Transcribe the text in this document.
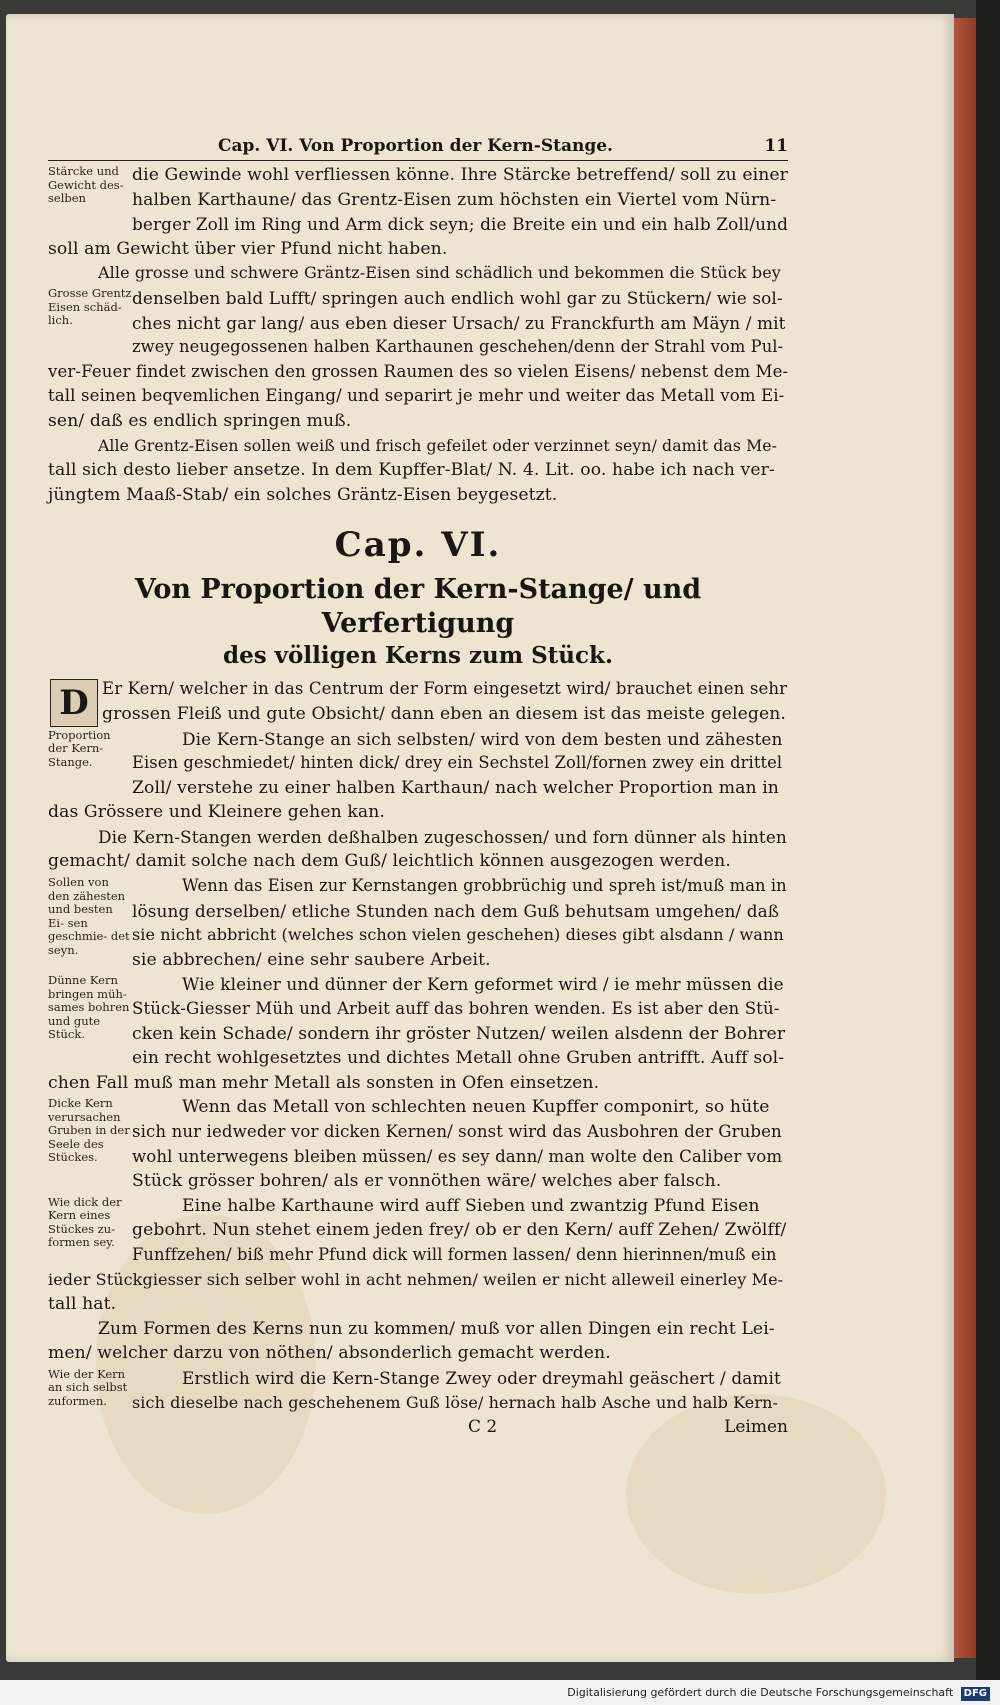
Cap. VI. Von Proportion der Kern-Stange.	11
Stärcke und Gewicht des- selben
Grosse Grentz Eisen schäd- lich.
die Gewinde wohl verfliessen könne. Ihre Stärcke betreffend/ soll zu einer
halben Karthaune/ das Grentz-Eisen zum höchsten ein Viertel vom Nürn-
berger Zoll im Ring und Arm dick seyn; die Breite ein und ein halb Zoll/und
soll am Gewicht über vier Pfund nicht haben.
Alle grosse und schwere Gräntz-Eisen sind schädlich und bekommen die Stück bey
denselben bald Lufft/ springen auch endlich wohl gar zu Stückern/ wie sol-
ches nicht gar lang/ aus eben dieser Ursach/ zu Franckfurth am Mäyn / mit
zwey neugegossenen halben Karthaunen geschehen/denn der Strahl vom Pul-
ver-Feuer findet zwischen den grossen Raumen des so vielen Eisens/ nebenst dem Me-
tall seinen beqvemlichen Eingang/ und separirt je mehr und weiter das Metall vom Ei-
sen/ daß es endlich springen muß.
Alle Grentz-Eisen sollen weiß und frisch gefeilet oder verzinnet seyn/ damit das Me-
tall sich desto lieber ansetze. In dem Kupffer-Blat/ N. 4. Lit. oo. habe ich nach ver-
jüngtem Maaß-Stab/ ein solches Gräntz-Eisen beygesetzt.
Cap. VI.
Von Proportion der Kern-Stange/ und Verfertigung
des völligen Kerns zum Stück.
D Er Kern/ welcher in das Centrum der Form eingesetzt wird/ brauchet einen sehr
grossen Fleiß und gute Obsicht/ dann eben an diesem ist das meiste gelegen.
Proportion der Kern- Stange.
Die Kern-Stange an sich selbsten/ wird von dem besten und zähesten
Eisen geschmiedet/ hinten dick/ drey ein Sechstel Zoll/fornen zwey ein drittel
Zoll/ verstehe zu einer halben Karthaun/ nach welcher Proportion man in
das Grössere und Kleinere gehen kan.
Die Kern-Stangen werden deßhalben zugeschossen/ und forn dünner als hinten
gemacht/ damit solche nach dem Guß/ leichtlich können ausgezogen werden.
Sollen von den zähesten und besten Ei- sen geschmie- det seyn.
Wenn das Eisen zur Kernstangen grobbrüchig und spreh ist/muß man in
lösung derselben/ etliche Stunden nach dem Guß behutsam umgehen/ daß
sie nicht abbricht (welches schon vielen geschehen) dieses gibt alsdann / wann
sie abbrechen/ eine sehr saubere Arbeit.
Dünne Kern bringen müh- sames bohren und gute Stück.
Wie kleiner und dünner der Kern geformet wird / ie mehr müssen die
Stück-Giesser Müh und Arbeit auff das bohren wenden. Es ist aber den Stü-
cken kein Schade/ sondern ihr gröster Nutzen/ weilen alsdenn der Bohrer
ein recht wohlgesetztes und dichtes Metall ohne Gruben antrifft. Auff sol-
chen Fall muß man mehr Metall als sonsten in Ofen einsetzen.
Dicke Kern verursachen Gruben in der Seele des Stückes.
Wenn das Metall von schlechten neuen Kupffer componirt, so hüte
sich nur iedweder vor dicken Kernen/ sonst wird das Ausbohren der Gruben
wohl unterwegens bleiben müssen/ es sey dann/ man wolte den Caliber vom
Stück grösser bohren/ als er vonnöthen wäre/ welches aber falsch.
Wie dick der Kern eines Stückes zu- formen sey.
Eine halbe Karthaune wird auff Sieben und zwantzig Pfund Eisen
gebohrt. Nun stehet einem jeden frey/ ob er den Kern/ auff Zehen/ Zwölff/
Funffzehen/ biß mehr Pfund dick will formen lassen/ denn hierinnen/muß ein
ieder Stückgiesser sich selber wohl in acht nehmen/ weilen er nicht alleweil einerley Me-
tall hat.
Zum Formen des Kerns nun zu kommen/ muß vor allen Dingen ein recht Lei-
men/ welcher darzu von nöthen/ absonderlich gemacht werden.
Wie der Kern an sich selbst zuformen.
Erstlich wird die Kern-Stange Zwey oder dreymahl geäschert / damit
sich dieselbe nach geschehenem Guß löse/ hernach halb Asche und halb Kern-
C 2	Leimen
Digitalisierung gefördert durch die Deutsche Forschungsgemeinschaft DFG
